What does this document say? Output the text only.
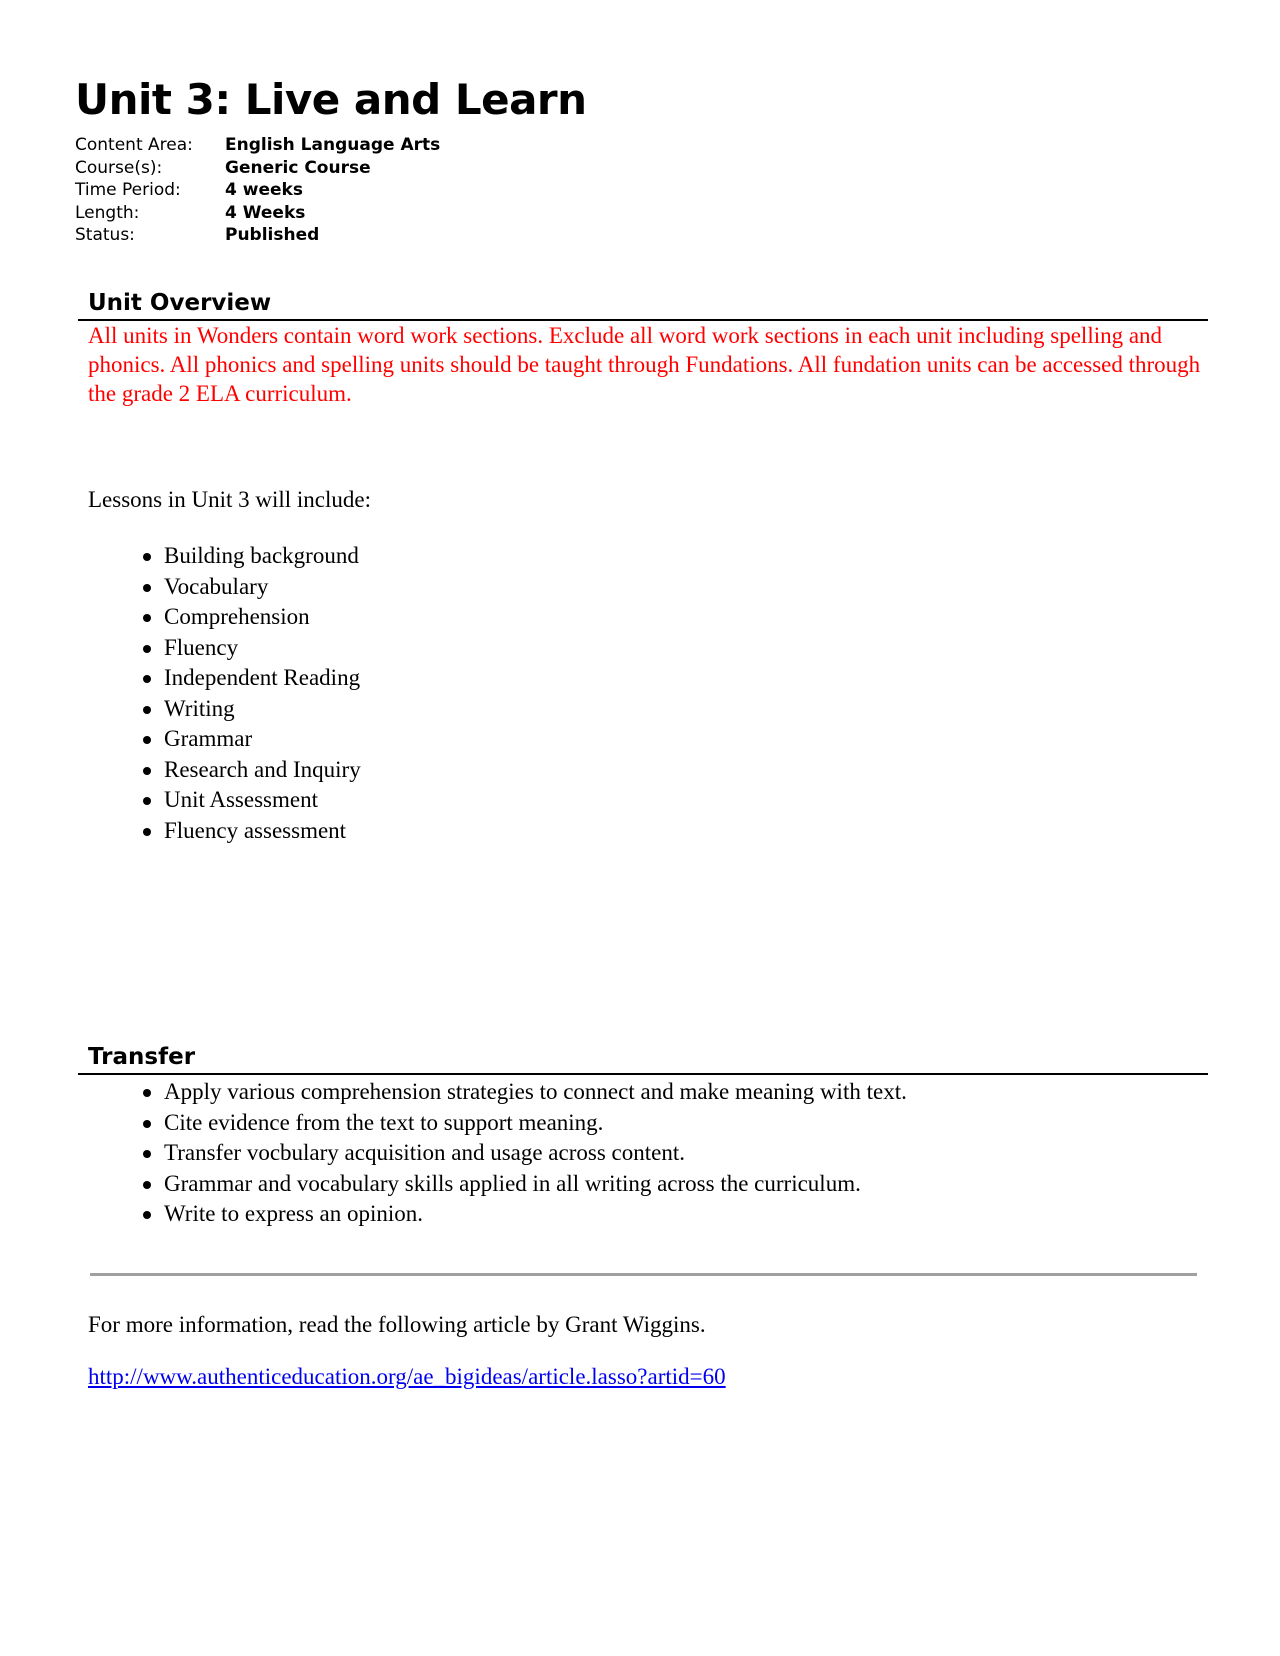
Unit 3: Live and Learn
Content Area:	English Language Arts
Course(s):	Generic Course
Time Period:	4 weeks
Length:	4 Weeks
Status:	Published
Unit Overview

All units in Wonders contain word work sections. Exclude all word work sections in each unit including spelling and phonics. All phonics and spelling units should be taught through Fundations. All fundation units can be accessed through the grade 2 ELA curriculum.

Lessons in Unit 3 will include:

Building background
Vocabulary
Comprehension
Fluency
Independent Reading
Writing
Grammar
Research and Inquiry
Unit Assessment
Fluency assessment
Transfer
Apply various comprehension strategies to connect and make meaning with text.
Cite evidence from the text to support meaning.
Transfer vocbulary acquisition and usage across content.
Grammar and vocabulary skills applied in all writing across the curriculum.
Write to express an opinion.

For more information, read the following article by Grant Wiggins.

http://www.authenticeducation.org/ae_bigideas/article.lasso?artid=60
